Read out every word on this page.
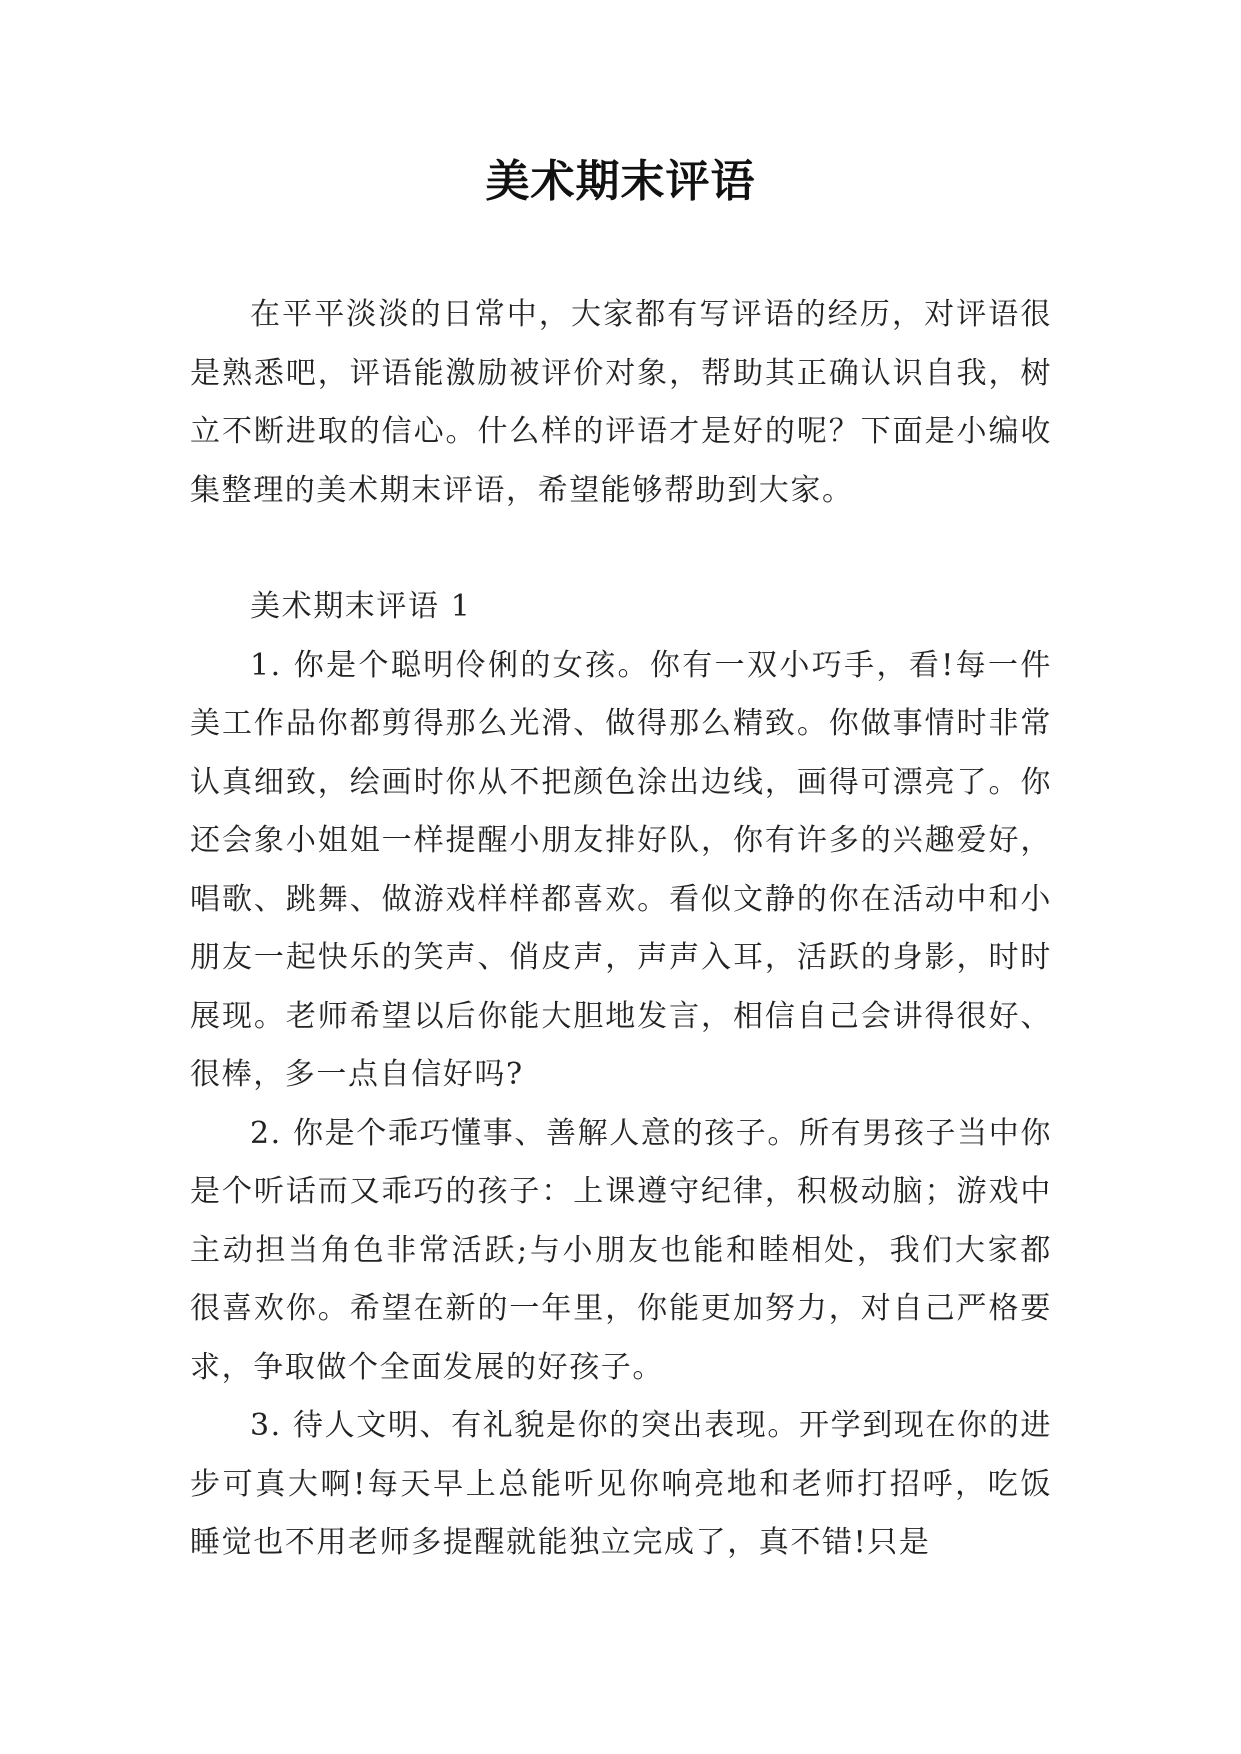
美术期末评语

在平平淡淡的日常中，大家都有写评语的经历，对评语很是熟悉吧，评语能激励被评价对象，帮助其正确认识自我，树立不断进取的信心。什么样的评语才是好的呢？下面是小编收集整理的美术期末评语，希望能够帮助到大家。

美术期末评语 1

1. 你是个聪明伶俐的女孩。你有一双小巧手，看!每一件美工作品你都剪得那么光滑、做得那么精致。你做事情时非常认真细致，绘画时你从不把颜色涂出边线，画得可漂亮了。你还会象小姐姐一样提醒小朋友排好队，你有许多的兴趣爱好，唱歌、跳舞、做游戏样样都喜欢。看似文静的你在活动中和小朋友一起快乐的笑声、俏皮声，声声入耳，活跃的身影，时时展现。老师希望以后你能大胆地发言，相信自己会讲得很好、很棒，多一点自信好吗?

2. 你是个乖巧懂事、善解人意的孩子。所有男孩子当中你是个听话而又乖巧的孩子：上课遵守纪律，积极动脑；游戏中主动担当角色非常活跃;与小朋友也能和睦相处，我们大家都很喜欢你。希望在新的一年里，你能更加努力，对自己严格要求，争取做个全面发展的好孩子。

3. 待人文明、有礼貌是你的突出表现。开学到现在你的进步可真大啊!每天早上总能听见你响亮地和老师打招呼，吃饭睡觉也不用老师多提醒就能独立完成了，真不错!只是
